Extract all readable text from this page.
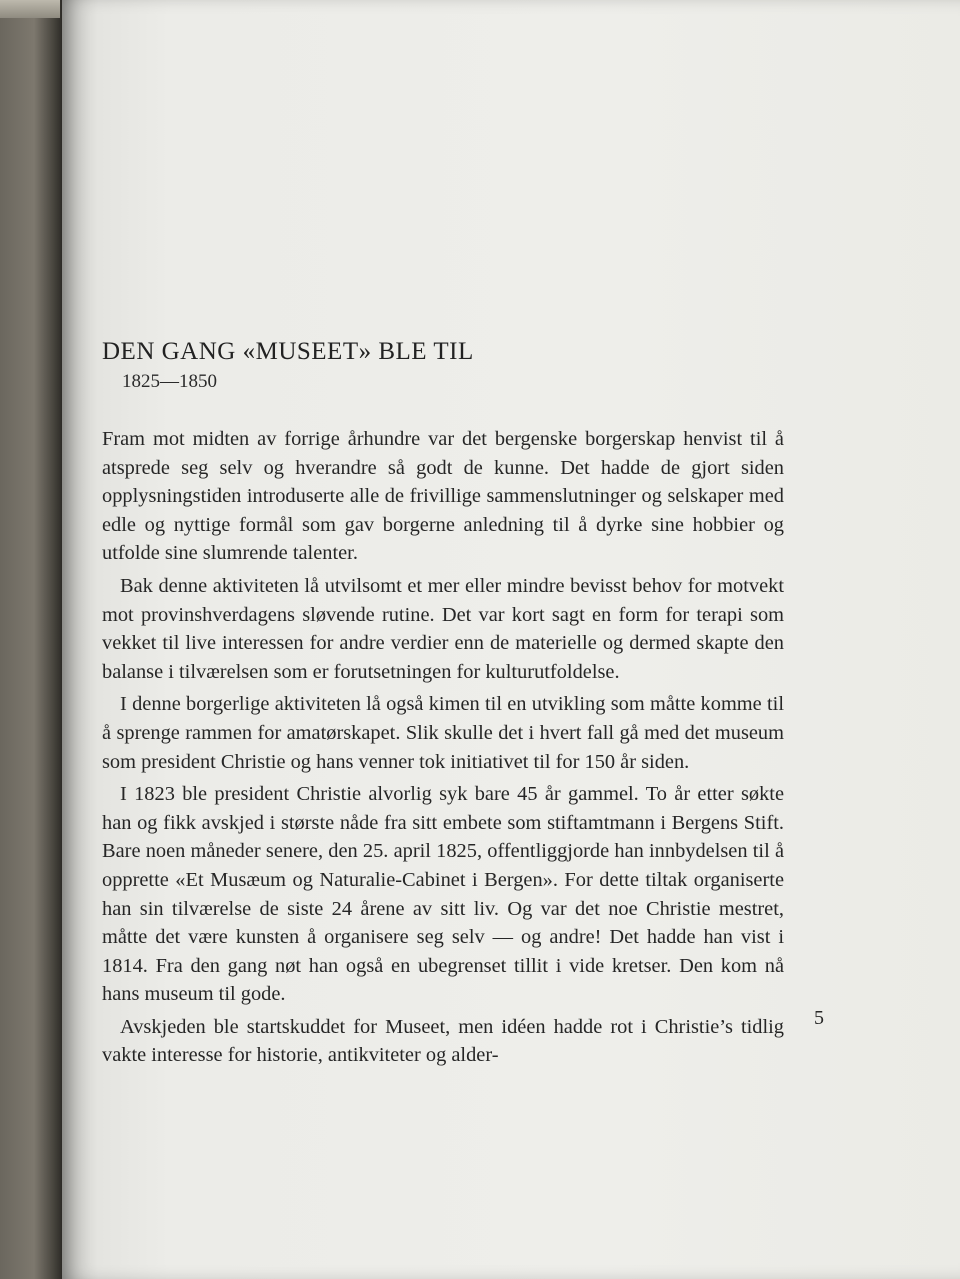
DEN GANG «MUSEET» BLE TIL
1825—1850

Fram mot midten av forrige århundre var det bergenske borgerskap henvist til å atsprede seg selv og hverandre så godt de kunne. Det hadde de gjort siden opplysningstiden introduserte alle de frivillige sammenslutninger og selskaper med edle og nyttige formål som gav borgerne anledning til å dyrke sine hobbier og utfolde sine slumrende talenter.

Bak denne aktiviteten lå utvilsomt et mer eller mindre bevisst behov for motvekt mot provinshverdagens sløvende rutine. Det var kort sagt en form for terapi som vekket til live interessen for andre verdier enn de materielle og dermed skapte den balanse i tilværelsen som er forutsetningen for kulturutfoldelse.

I denne borgerlige aktiviteten lå også kimen til en utvikling som måtte komme til å sprenge rammen for amatørskapet. Slik skulle det i hvert fall gå med det museum som president Christie og hans venner tok initiativet til for 150 år siden.

I 1823 ble president Christie alvorlig syk bare 45 år gammel. To år etter søkte han og fikk avskjed i største nåde fra sitt embete som stiftamtmann i Bergens Stift. Bare noen måneder senere, den 25. april 1825, offentliggjorde han innbydelsen til å opprette «Et Musæum og Naturalie-Cabinet i Bergen». For dette tiltak organiserte han sin tilværelse de siste 24 årene av sitt liv. Og var det noe Christie mestret, måtte det være kunsten å organisere seg selv — og andre! Det hadde han vist i 1814. Fra den gang nøt han også en ubegrenset tillit i vide kretser. Den kom nå hans museum til gode.

Avskjeden ble startskuddet for Museet, men idéen hadde rot i Christie’s tidlig vakte interesse for historie, antikviteter og alder-

5
